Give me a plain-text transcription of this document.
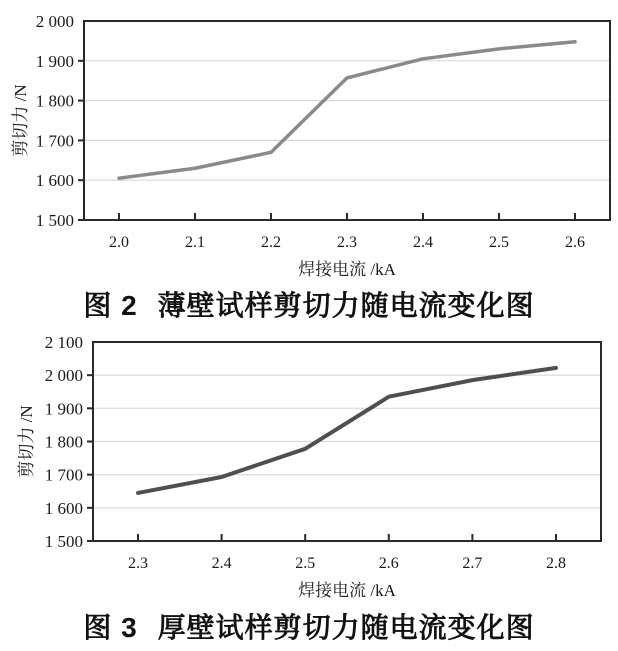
1 500
1 600
1 700
1 800
1 900
2 000
2.0	2.1	2.2	2.3	2.4	2.5	2.6
焊接电流 /kA
剪切力 /N
图 2 薄壁试样剪切力随电流变化图
1 500
1 600
1 700
1 800
1 900
2 000
2 100
2.3	2.4	2.5	2.6	2.7	2.8
焊接电流 /kA
剪切力 /N
图 3 厚壁试样剪切力随电流变化图
